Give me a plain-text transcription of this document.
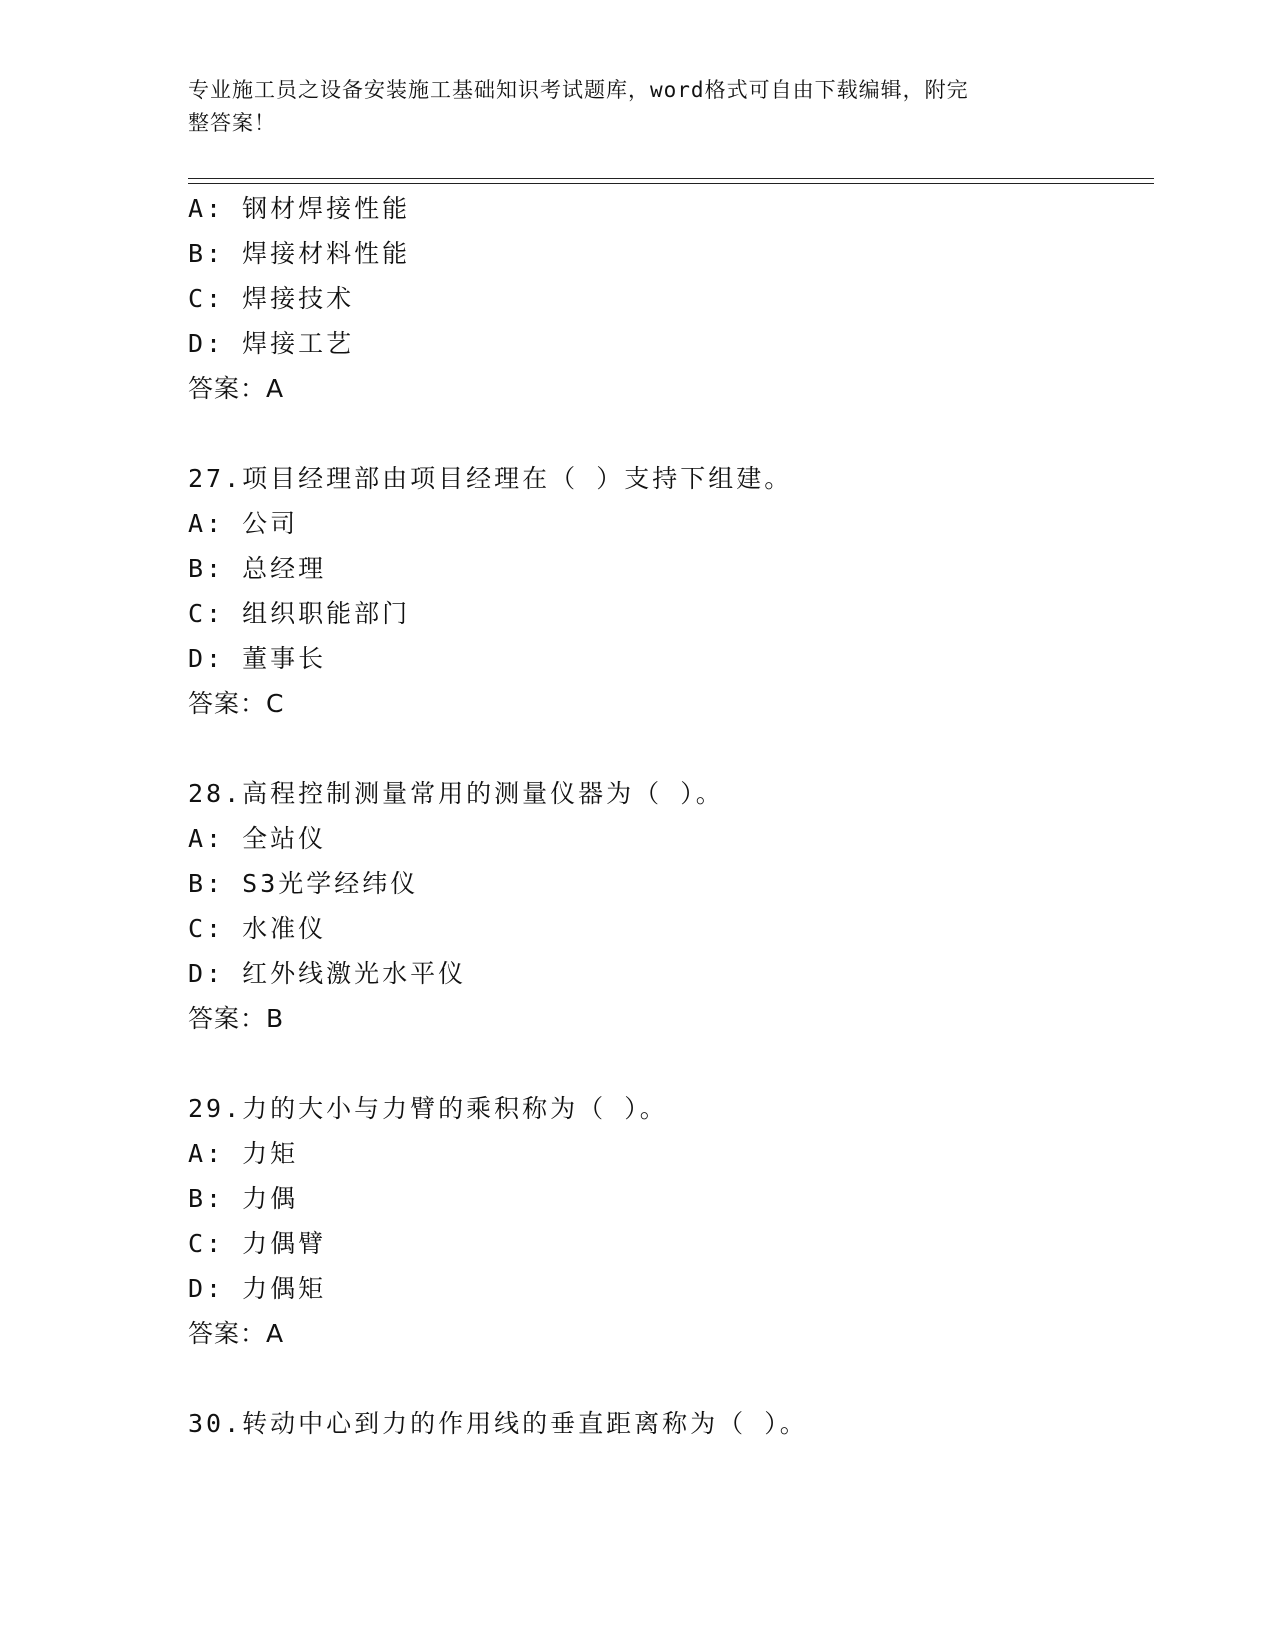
专业施工员之设备安装施工基础知识考试题库，word格式可自由下载编辑，附完
整答案！
A: 钢材焊接性能
B: 焊接材料性能
C: 焊接技术
D: 焊接工艺
答案：A
27.项目经理部由项目经理在（ ）支持下组建。
A: 公司
B: 总经理
C: 组织职能部门
D: 董事长
答案：C
28.高程控制测量常用的测量仪器为（ ）。
A: 全站仪
B: S3光学经纬仪
C: 水准仪
D: 红外线激光水平仪
答案：B
29.力的大小与力臂的乘积称为（ ）。
A: 力矩
B: 力偶
C: 力偶臂
D: 力偶矩
答案：A
30.转动中心到力的作用线的垂直距离称为（ ）。
